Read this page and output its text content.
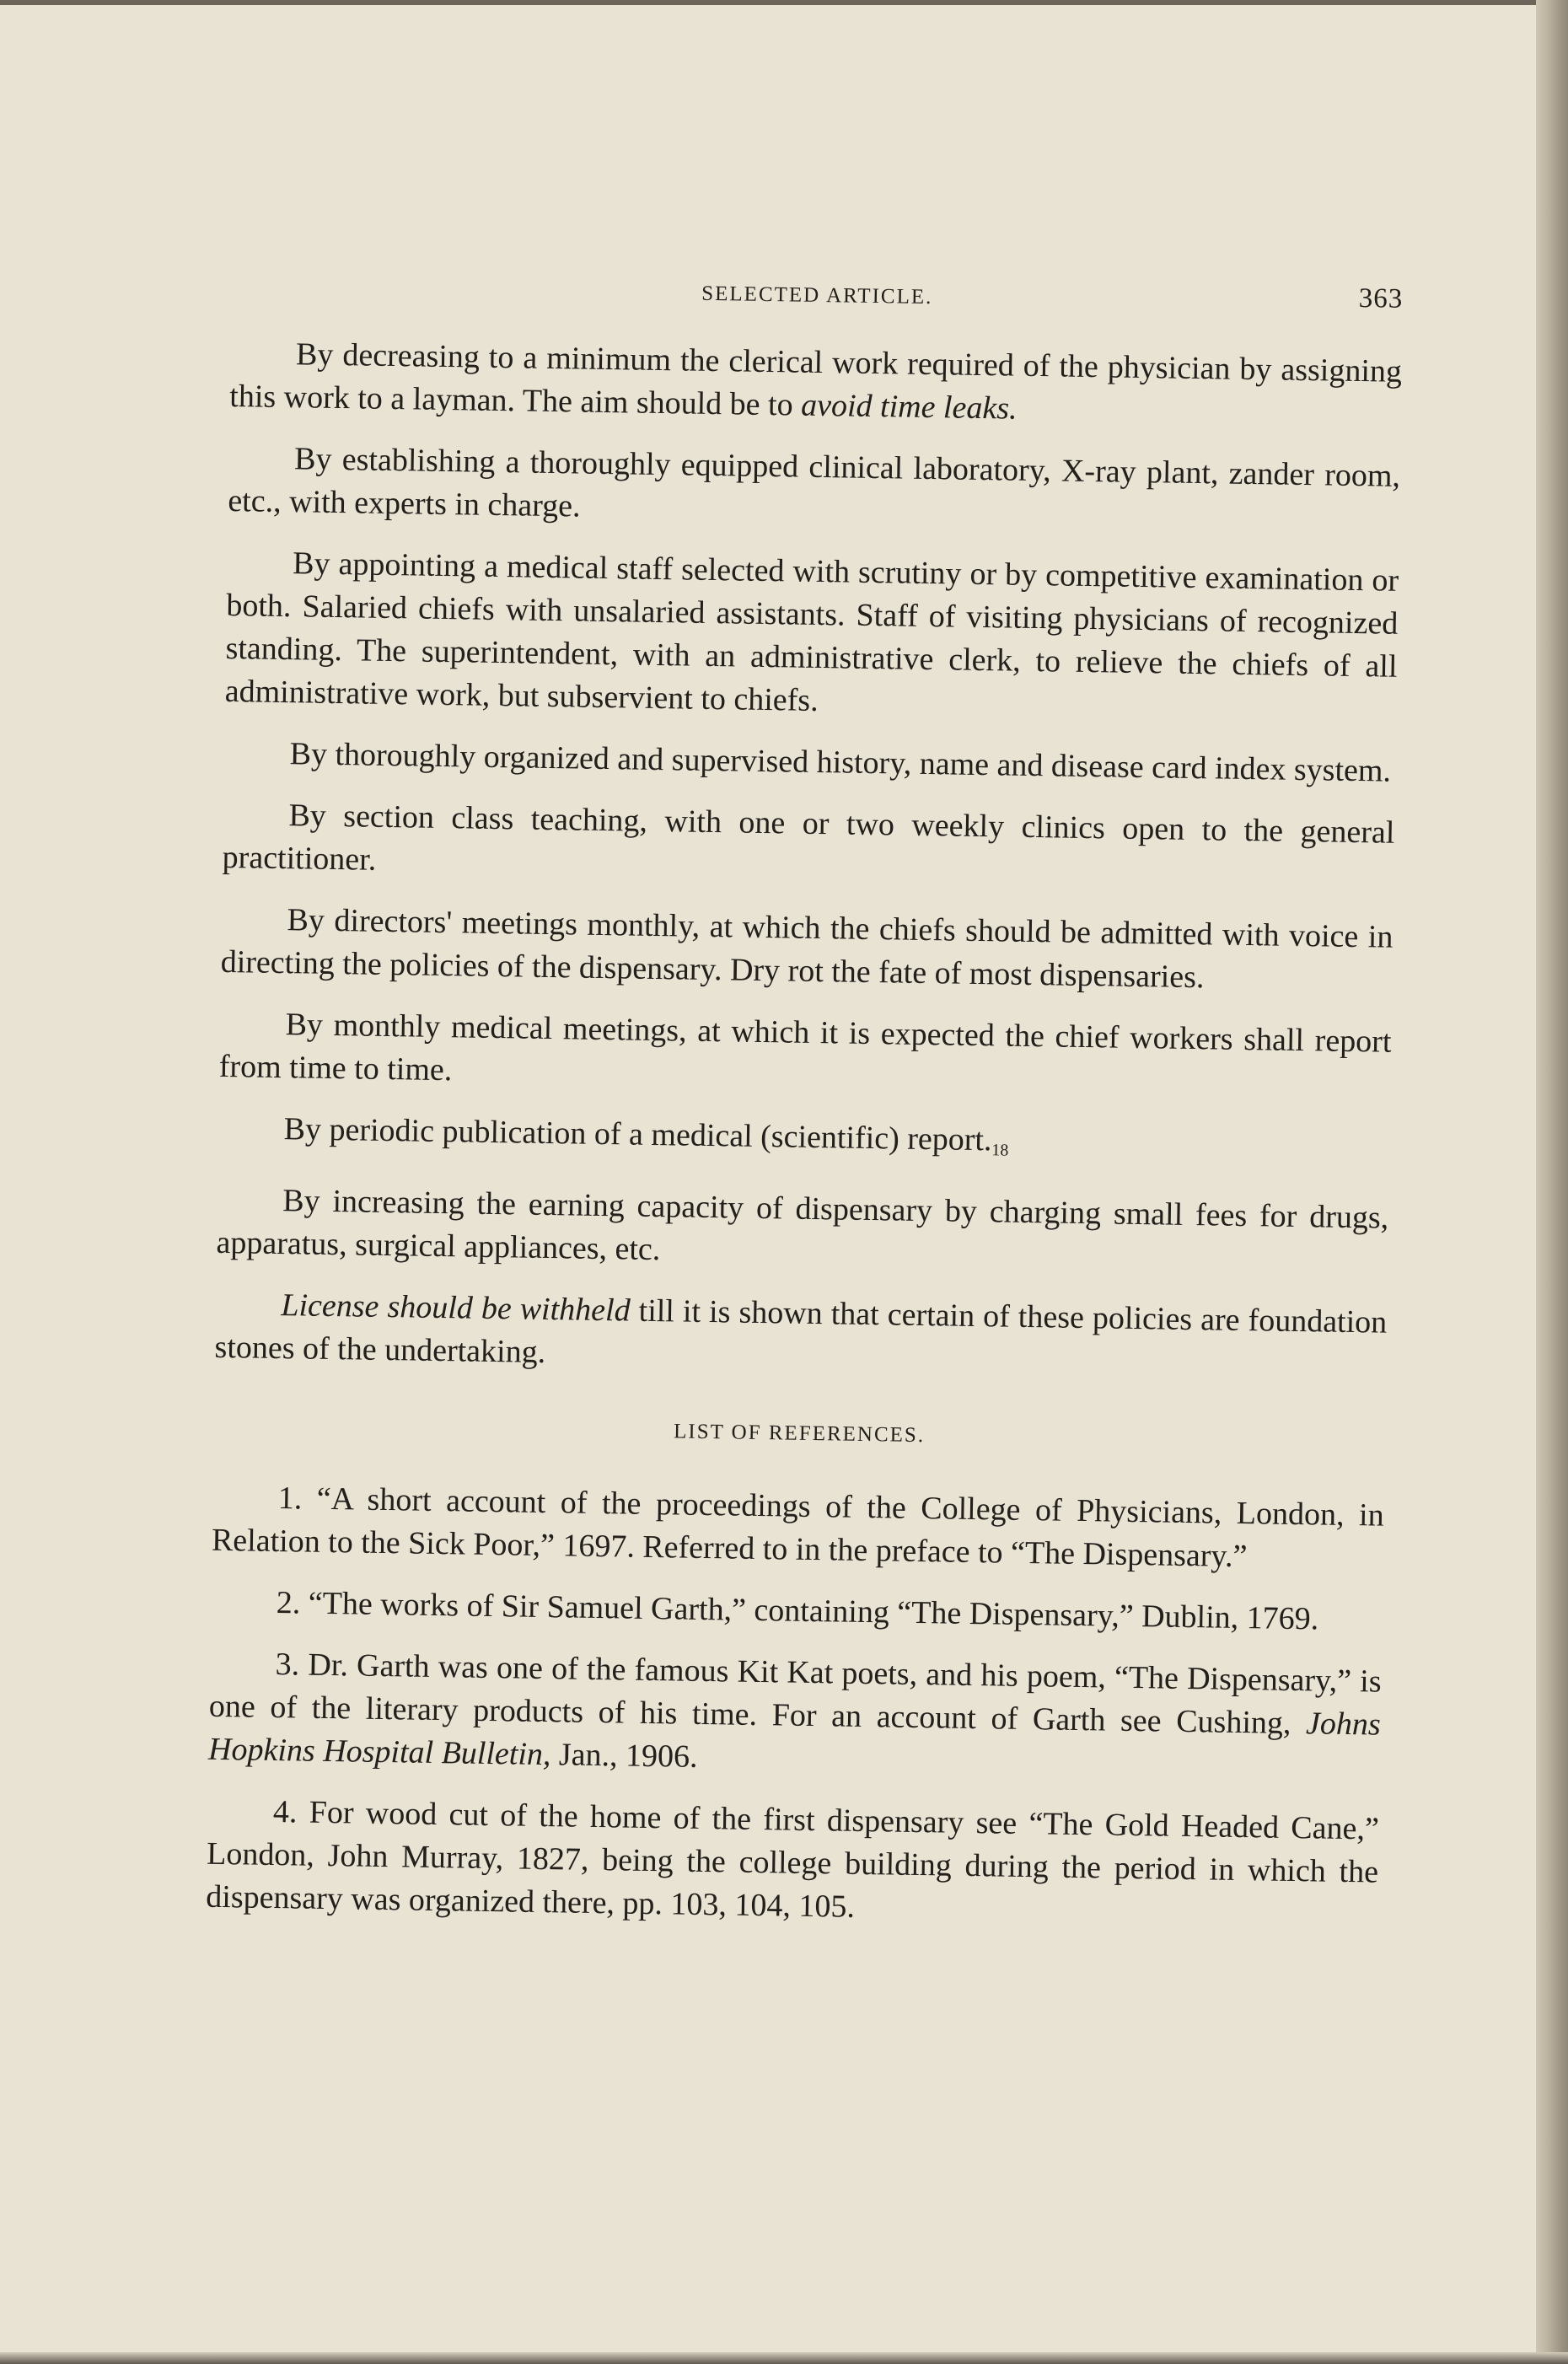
SELECTED ARTICLE.	363

By decreasing to a minimum the clerical work required of the physician by assigning this work to a layman. The aim should be to avoid time leaks.

By establishing a thoroughly equipped clinical laboratory, X-ray plant, zander room, etc., with experts in charge.

By appointing a medical staff selected with scrutiny or by competitive examination or both. Salaried chiefs with unsalaried assistants. Staff of visiting physicians of recognized standing. The superintendent, with an administrative clerk, to relieve the chiefs of all administrative work, but subservient to chiefs.

By thoroughly organized and supervised history, name and disease card index system.

By section class teaching, with one or two weekly clinics open to the general practitioner.

By directors' meetings monthly, at which the chiefs should be admitted with voice in directing the policies of the dispensary. Dry rot the fate of most dispensaries.

By monthly medical meetings, at which it is expected the chief workers shall report from time to time.

By periodic publication of a medical (scientific) $report._{18}$

By increasing the earning capacity of dispensary by charging small fees for drugs, apparatus, surgical appliances, etc.

License should be withheld till it is shown that certain of these policies are foundation stones of the undertaking.

LIST OF REFERENCES.

1. “A short account of the proceedings of the College of Physicians, London, in Relation to the Sick Poor,” 1697. Referred to in the preface to “The Dispensary.”

2. “The works of Sir Samuel Garth,” containing “The Dispensary,” Dublin, 1769.

3. Dr. Garth was one of the famous Kit Kat poets, and his poem, “The Dispensary,” is one of the literary products of his time. For an account of Garth see Cushing, Johns Hopkins Hospital Bulletin, Jan., 1906.

4. For wood cut of the home of the first dispensary see “The Gold Headed Cane,” London, John Murray, 1827, being the college building during the period in which the dispensary was organized there, pp. 103, 104, 105.
